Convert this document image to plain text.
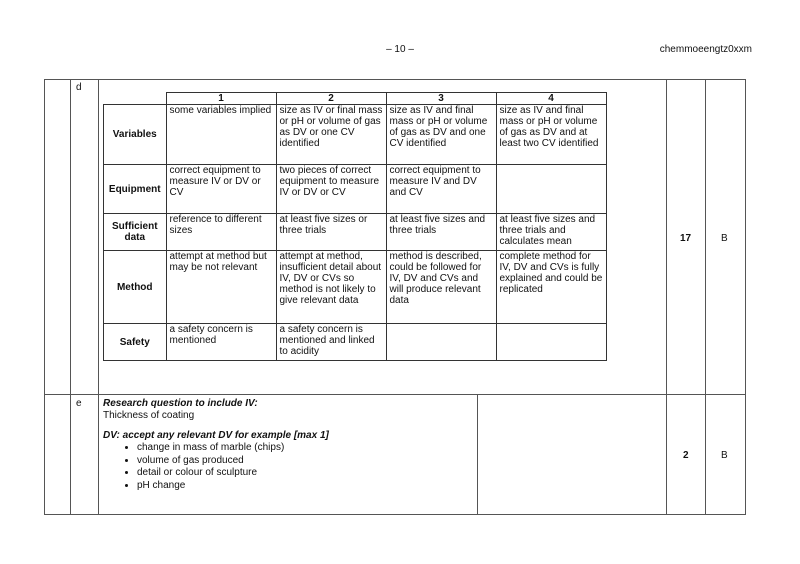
– 10 –	chemmoeengtz0xxm
d
17	B
	1	2	3	4
Variables	some variables implied	size as IV or final mass or pH or volume of gas as DV or one CV identified	size as IV and final mass or pH or volume of gas as DV and one CV identified	size as IV and final mass or pH or volume of gas as DV and at least two CV identified
Equipment	correct equipment to measure IV or DV or CV	two pieces of correct equipment to measure IV or DV or CV	correct equipment to measure IV and DV and CV	
Sufficient data	reference to different sizes	at least five sizes or three trials	at least five sizes and three trials	at least five sizes and three trials and calculates mean
Method	attempt at method but may be not relevant	attempt at method, insufficient detail about IV, DV or CVs so method is not likely to give relevant data	method is described, could be followed for IV, DV and CVs and will produce relevant data	complete method for IV, DV and CVs is fully explained and could be replicated
Safety	a safety concern is mentioned	a safety concern is mentioned and linked to acidity		
e
2	B
Research question to include IV:
Thickness of coating
DV: accept any relevant DV for example [max 1]
• change in mass of marble (chips)
• volume of gas produced
• detail or colour of sculpture
• pH change
